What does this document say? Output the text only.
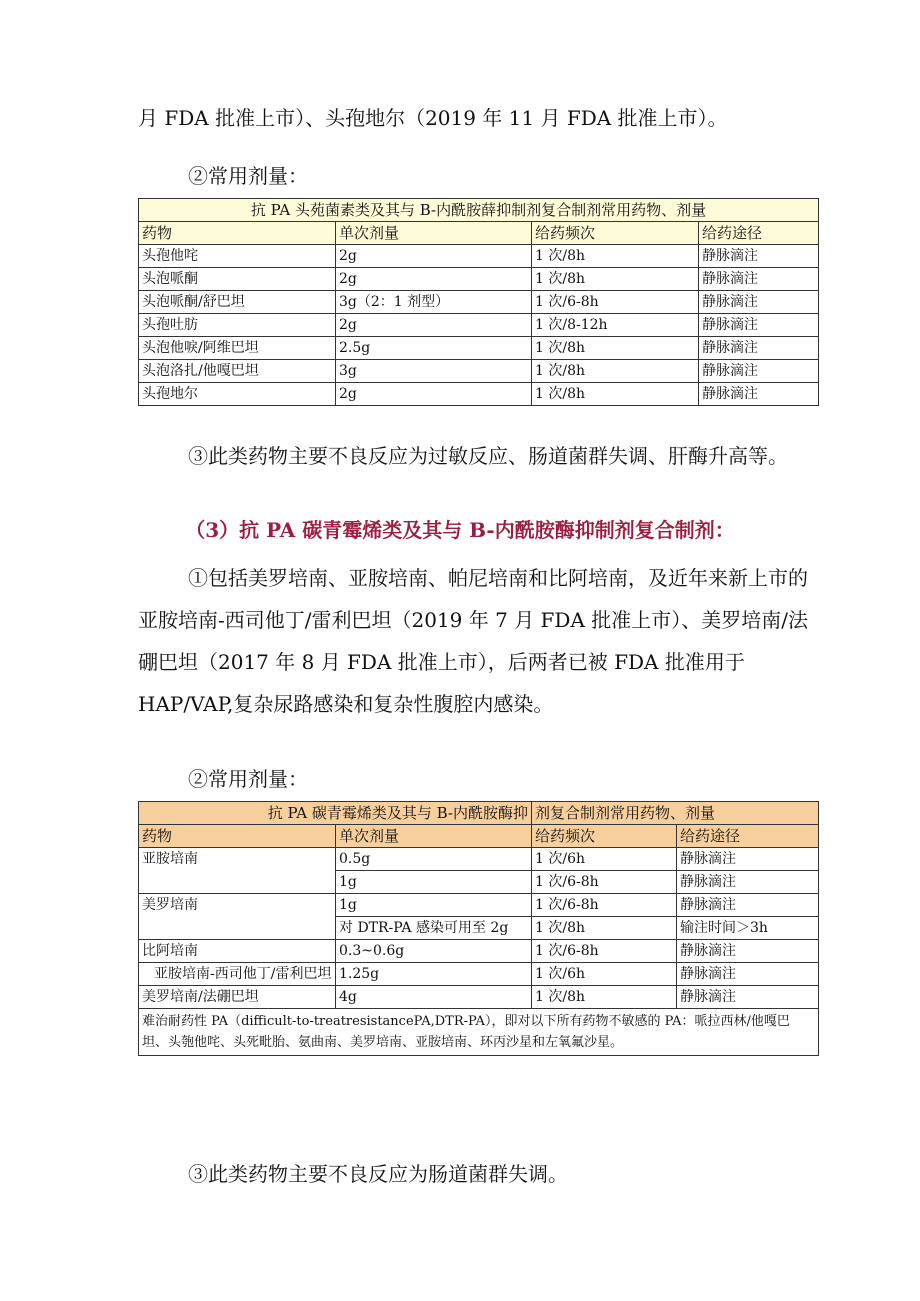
月 FDA 批准上市）、头孢地尔（2019 年 11 月 FDA 批准上市）。

②常用剂量：
抗 PA 头苑菌素类及其与 B-内酰胺薛抑制剂复合制剂常用药物、剂量			
药物	单次剂量	给药频次	给药途径
头孢他咤	2g	1 次/8h	静脉滴注
头泡哌酮	2g	1 次/8h	静脉滴注
头泡哌酮/舒巴坦	3g（2：1 剂型）	1 次/6-8h	静脉滴注
头孢吐肪	2g	1 次/8-12h	静脉滴注
头泡他唳/阿维巴坦	2.5g	1 次/8h	静脉滴注
头泡洛扎/他嘎巴坦	3g	1 次/8h	静脉滴注
头孢地尔	2g	1 次/8h	静脉滴注

③此类药物主要不良反应为过敏反应、肠道菌群失调、肝酶升高等。

（3）抗 PA 碳青霉烯类及其与 B-内酰胺酶抑制剂复合制剂：

①包括美罗培南、亚胺培南、帕尼培南和比阿培南，及近年来新上市的亚胺培南-西司他丁/雷利巴坦（2019 年 7 月 FDA 批准上市）、美罗培南/法硼巴坦（2017 年 8 月 FDA 批准上市），后两者已被 FDA 批准用于 HAP/VAP,复杂尿路感染和复杂性腹腔内感染。

②常用剂量：
抗 PA 碳青霉烯类及其与 B-内酰胺酶抑		剂复合制剂常用药物、剂量	
药物	单次剂量	给药频次	给药途径
亚胺培南	0.5g	1 次/6h	静脉滴注
	1g	1 次/6-8h	静脉滴注
美罗培南	1g	1 次/6-8h	静脉滴注
	对 DTR-PA 感染可用至 2g	1 次/8h	输注时间＞3h
比阿培南	0.3~0.6g	1 次/6-8h	静脉滴注
亚胺培南-西司他丁/雷利巴坦	1.25g	1 次/6h	静脉滴注
美罗培南/法硼巴坦	4g	1 次/8h	静脉滴注
难治耐药性 PA（difficult-to-treatresistancePA,DTR-PA），即对以下所有药物不敏感的 PA：哌拉西林/他嘎巴坦、头匏他咤、头死毗胎、氨曲南、美罗培南、亚胺培南、环丙沙星和左氧氟沙星。			

③此类药物主要不良反应为肠道菌群失调。
